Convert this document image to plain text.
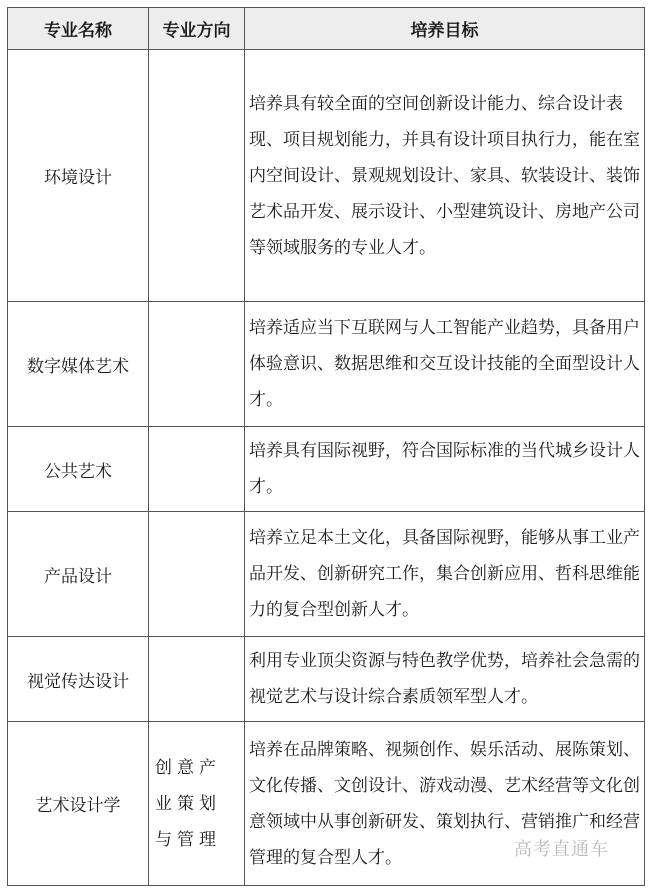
专业名称	专业方向	培养目标
环境设计		培养具有较全面的空间创新设计能力、综合设计表现、项目规划能力，并具有设计项目执行力，能在室内空间设计、景观规划设计、家具、软装设计、装饰艺术品开发、展示设计、小型建筑设计、房地产公司等领域服务的专业人才。
数字媒体艺术		培养适应当下互联网与人工智能产业趋势，具备用户体验意识、数据思维和交互设计技能的全面型设计人才。
公共艺术		培养具有国际视野，符合国际标准的当代城乡设计人才。
产品设计		培养立足本土文化，具备国际视野，能够从事工业产品开发、创新研究工作，集合创新应用、哲科思维能力的复合型创新人才。
视觉传达设计		利用专业顶尖资源与特色教学优势，培养社会急需的视觉艺术与设计综合素质领军型人才。
艺术设计学	创意产业策划与管理	培养在品牌策略、视频创作、娱乐活动、展陈策划、文化传播、文创设计、游戏动漫、艺术经营等文化创意领域中从事创新研发、策划执行、营销推广和经营管理的复合型人才。	高考直通车
